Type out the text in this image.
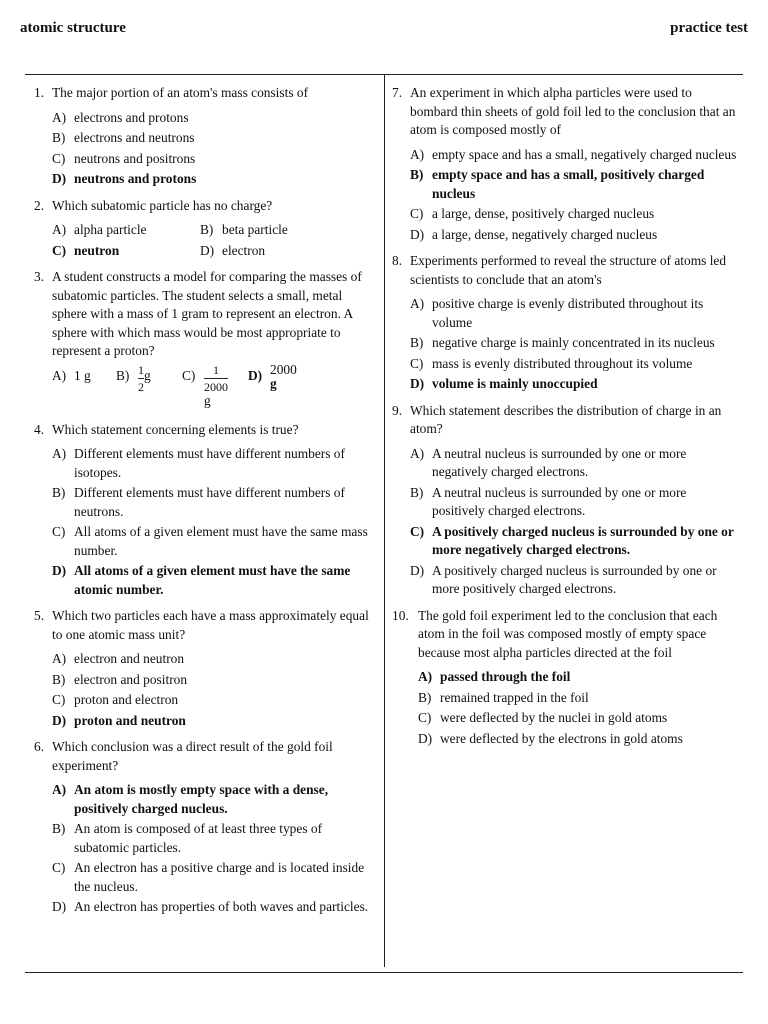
atomic structure	practice test
1. The major portion of an atom's mass consists of
A) electrons and protons
B) electrons and neutrons
C) neutrons and positrons
D) neutrons and protons
2. Which subatomic particle has no charge?
A) alpha particle	B) beta particle
C) neutron	D) electron
3. A student constructs a model for comparing the masses of subatomic particles. The student selects a small, metal sphere with a mass of 1 gram to represent an electron. A sphere with which mass would be most appropriate to represent a proton?
A) 1 g $B) \frac{1}{2}$ g C)	1
2000
g
D) 2000
g
4. Which statement concerning elements is true?
A) Different elements must have different numbers of isotopes.
B) Different elements must have different numbers of neutrons.
C) All atoms of a given element must have the same mass number.
D) All atoms of a given element must have the same atomic number.
5. Which two particles each have a mass approximately equal to one atomic mass unit?
A) electron and neutron
B) electron and positron
C) proton and electron
D) proton and neutron
6. Which conclusion was a direct result of the gold foil experiment?
A) An atom is mostly empty space with a dense, positively charged nucleus.
B) An atom is composed of at least three types of subatomic particles.
C) An electron has a positive charge and is located inside the nucleus.
D) An electron has properties of both waves and particles.
7. An experiment in which alpha particles were used to bombard thin sheets of gold foil led to the conclusion that an atom is composed mostly of
A) empty space and has a small, negatively charged nucleus
B) empty space and has a small, positively charged nucleus
C) a large, dense, positively charged nucleus
D) a large, dense, negatively charged nucleus
8. Experiments performed to reveal the structure of atoms led scientists to conclude that an atom's
A) positive charge is evenly distributed throughout its volume
B) negative charge is mainly concentrated in its nucleus
C) mass is evenly distributed throughout its volume
D) volume is mainly unoccupied
9. Which statement describes the distribution of charge in an atom?
A) A neutral nucleus is surrounded by one or more negatively charged electrons.
B) A neutral nucleus is surrounded by one or more positively charged electrons.
C) A positively charged nucleus is surrounded by one or more negatively charged electrons.
D) A positively charged nucleus is surrounded by one or more positively charged electrons.
10. The gold foil experiment led to the conclusion that each atom in the foil was composed mostly of empty space because most alpha particles directed at the foil
A) passed through the foil
B) remained trapped in the foil
C) were deflected by the nuclei in gold atoms
D) were deflected by the electrons in gold atoms
